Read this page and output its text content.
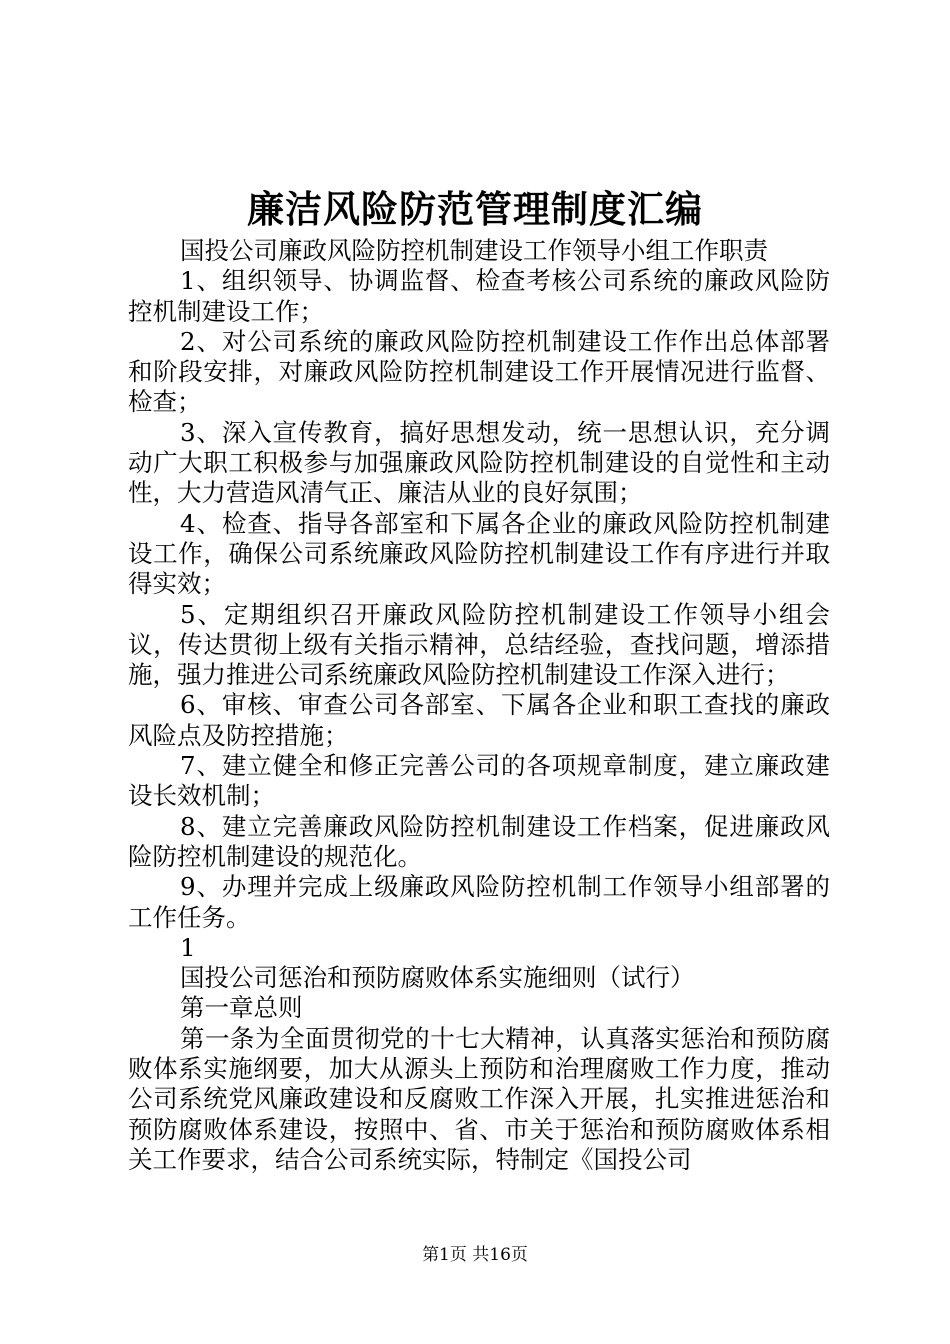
廉洁风险防范管理制度汇编

国投公司廉政风险防控机制建设工作领导小组工作职责

1、组织领导、协调监督、检查考核公司系统的廉政风险防控机制建设工作；

2、对公司系统的廉政风险防控机制建设工作作出总体部署和阶段安排，对廉政风险防控机制建设工作开展情况进行监督、检查；

3、深入宣传教育，搞好思想发动，统一思想认识，充分调动广大职工积极参与加强廉政风险防控机制建设的自觉性和主动性，大力营造风清气正、廉洁从业的良好氛围；

4、检查、指导各部室和下属各企业的廉政风险防控机制建设工作，确保公司系统廉政风险防控机制建设工作有序进行并取得实效；

5、定期组织召开廉政风险防控机制建设工作领导小组会议，传达贯彻上级有关指示精神，总结经验，查找问题，增添措施，强力推进公司系统廉政风险防控机制建设工作深入进行；

6、审核、审查公司各部室、下属各企业和职工查找的廉政风险点及防控措施；

7、建立健全和修正完善公司的各项规章制度，建立廉政建设长效机制；

8、建立完善廉政风险防控机制建设工作档案，促进廉政风险防控机制建设的规范化。

9、办理并完成上级廉政风险防控机制工作领导小组部署的工作任务。

1

国投公司惩治和预防腐败体系实施细则（试行）

第一章总则

第一条为全面贯彻党的十七大精神，认真落实惩治和预防腐败体系实施纲要，加大从源头上预防和治理腐败工作力度，推动公司系统党风廉政建设和反腐败工作深入开展，扎实推进惩治和预防腐败体系建设，按照中、省、市关于惩治和预防腐败体系相关工作要求，结合公司系统实际，特制定《国投公司

第1页 共16页
